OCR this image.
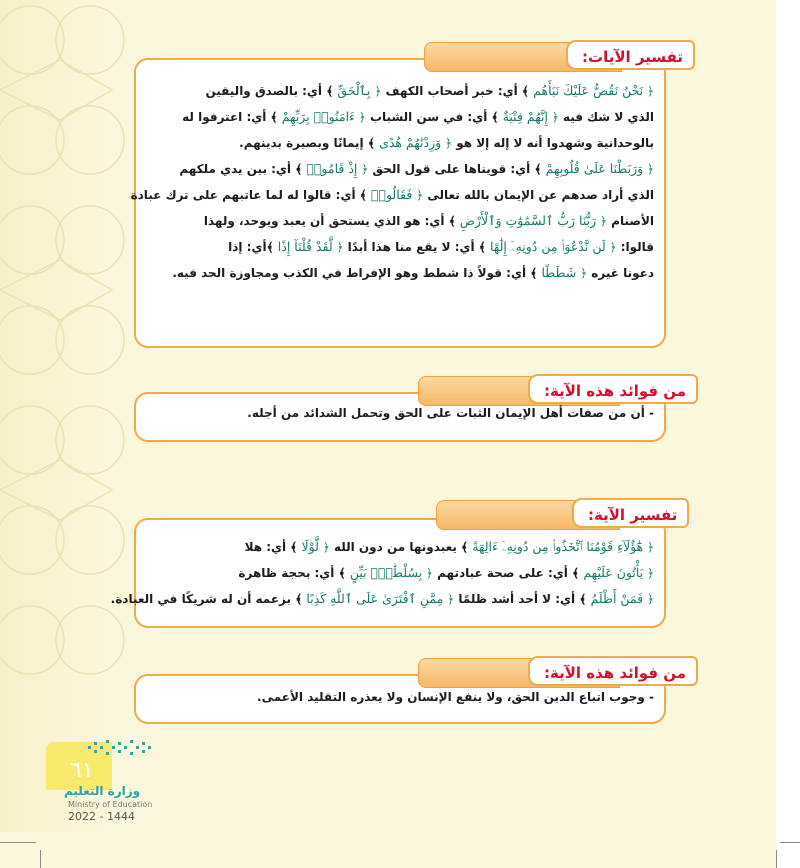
تفسير الآيات:
﴿ نَحْنُ نَقُصُّ عَلَيْكَ نَبَأَهُم ﴾ أي: خبر أصحاب الكهف ﴿ بِٱلْحَقِّ ﴾ أي: بالصدق واليقين
الذي لا شك فيه ﴿ إِنَّهُمْ فِتْيَةٌ ﴾ أي: في سن الشباب ﴿ ءَامَنُوا۟ بِرَبِّهِمْ ﴾ أي: اعترفوا له
بالوحدانية وشهدوا أنه لا إله إلا هو ﴿ وَزِدْنَٰهُمْ هُدًى ﴾ إيمانًا وبصيرة بدينهم.
﴿ وَرَبَطْنَا عَلَىٰ قُلُوبِهِمْ ﴾ أي: قويناها على قول الحق ﴿ إِذْ قَامُوا۟ ﴾ أي: بين يدي ملكهم
الذي أراد صدهم عن الإيمان بالله تعالى ﴿ فَقَالُوا۟ ﴾ أي: قالوا له لما عاتبهم على ترك عبادة
الأصنام ﴿ رَبُّنَا رَبُّ ٱلسَّمَٰوَٰتِ وَٱلْأَرْضِ ﴾ أي: هو الذي يستحق أن يعبد ويوحد، ولهذا
قالوا: ﴿ لَن نَّدْعُوَا۟ مِن دُونِهِۦٓ إِلَٰهًا ﴾ أي: لا يقع منا هذا أبدًا ﴿ لَّقَدْ قُلْنَآ إِذًا ﴾أي: إذا
دعونا غيره ﴿ شَطَطًا ﴾ أي: قولاً ذا شطط وهو الإفراط في الكذب ومجاوزة الحد فيه.
من فوائد هذه الآية:
- أن من صفات أهل الإيمان الثبات على الحق وتحمل الشدائد من أجله.
تفسير الآية:
﴿ هَٰٓؤُلَآءِ قَوْمُنَا ٱتَّخَذُوا۟ مِن دُونِهِۦٓ ءَالِهَةً ﴾ يعبدونها من دون الله ﴿ لَّوْلَا ﴾ أي: هلا
﴿ يَأْتُونَ عَلَيْهِم ﴾ أي: على صحة عبادتهم ﴿ بِسُلْطَٰنٍۭ بَيِّنٍ ﴾ أي: بحجة ظاهرة
﴿ فَمَنْ أَظْلَمُ ﴾ أي: لا أحد أشد ظلمًا ﴿ مِمَّنِ ٱفْتَرَىٰ عَلَى ٱللَّهِ كَذِبًا ﴾ بزعمه أن له شريكًا في العبادة.
من فوائد هذه الآية:
- وجوب اتباع الدين الحق، ولا ينفع الإنسان ولا يعذره التقليد الأعمى.
٦١
وزارة التعليم
Ministry of Education
2022 - 1444
